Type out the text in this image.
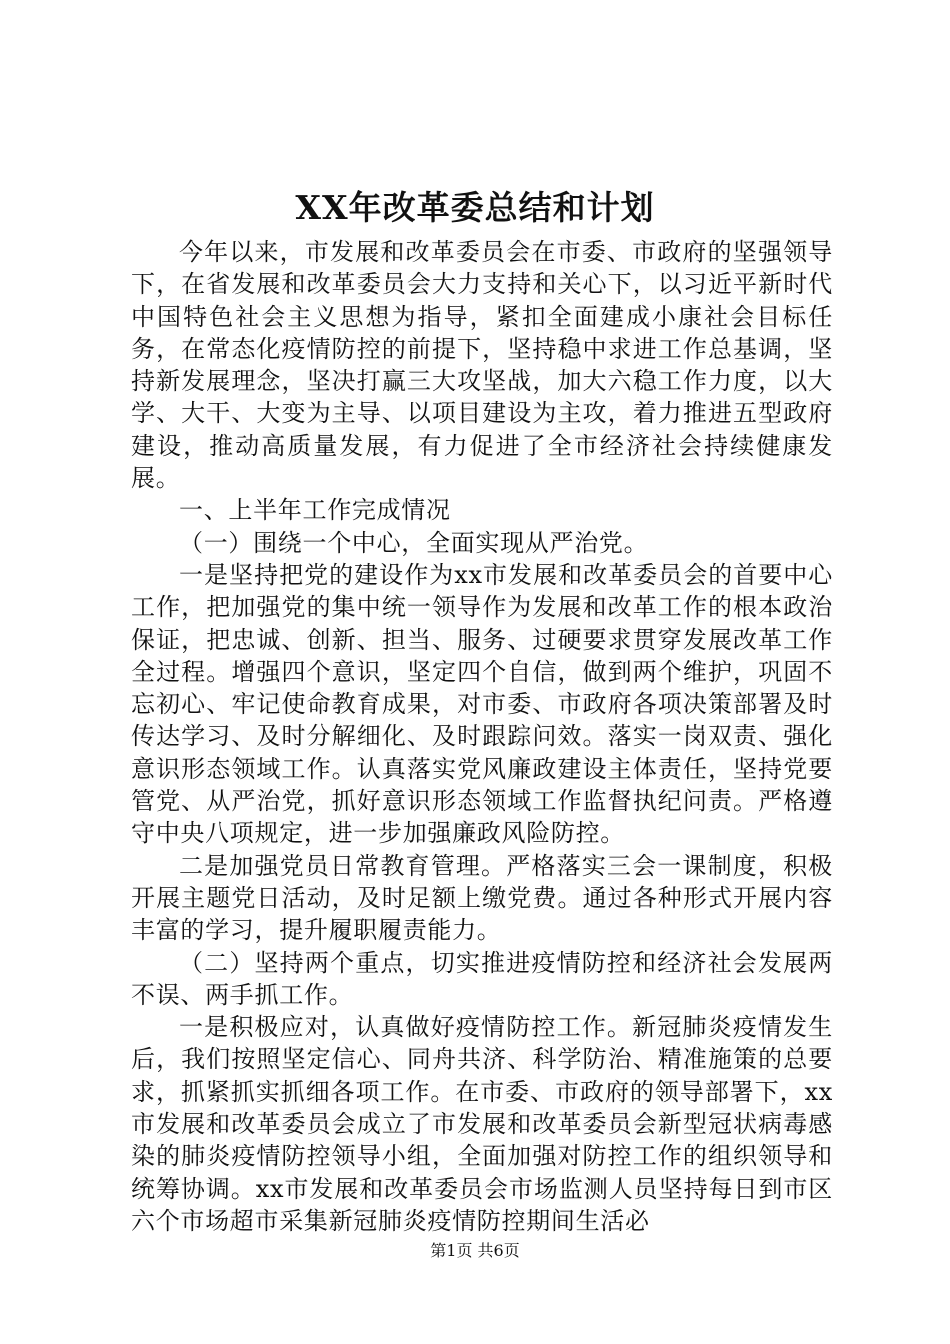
XX年改革委总结和计划

今年以来，市发展和改革委员会在市委、市政府的坚强领导下，在省发展和改革委员会大力支持和关心下，以习近平新时代中国特色社会主义思想为指导，紧扣全面建成小康社会目标任务，在常态化疫情防控的前提下，坚持稳中求进工作总基调，坚持新发展理念，坚决打赢三大攻坚战，加大六稳工作力度，以大学、大干、大变为主导、以项目建设为主攻，着力推进五型政府建设，推动高质量发展，有力促进了全市经济社会持续健康发展。

一、上半年工作完成情况

（一）围绕一个中心，全面实现从严治党。

一是坚持把党的建设作为xx市发展和改革委员会的首要中心工作，把加强党的集中统一领导作为发展和改革工作的根本政治保证，把忠诚、创新、担当、服务、过硬要求贯穿发展改革工作全过程。增强四个意识，坚定四个自信，做到两个维护，巩固不忘初心、牢记使命教育成果，对市委、市政府各项决策部署及时传达学习、及时分解细化、及时跟踪问效。落实一岗双责、强化意识形态领域工作。认真落实党风廉政建设主体责任，坚持党要管党、从严治党，抓好意识形态领域工作监督执纪问责。严格遵守中央八项规定，进一步加强廉政风险防控。

二是加强党员日常教育管理。严格落实三会一课制度，积极开展主题党日活动，及时足额上缴党费。通过各种形式开展内容丰富的学习，提升履职履责能力。

（二）坚持两个重点，切实推进疫情防控和经济社会发展两不误、两手抓工作。

一是积极应对，认真做好疫情防控工作。新冠肺炎疫情发生后，我们按照坚定信心、同舟共济、科学防治、精准施策的总要求，抓紧抓实抓细各项工作。在市委、市政府的领导部署下，xx市发展和改革委员会成立了市发展和改革委员会新型冠状病毒感染的肺炎疫情防控领导小组，全面加强对防控工作的组织领导和统筹协调。xx市发展和改革委员会市场监测人员坚持每日到市区六个市场超市采集新冠肺炎疫情防控期间生活必

第1页 共6页
